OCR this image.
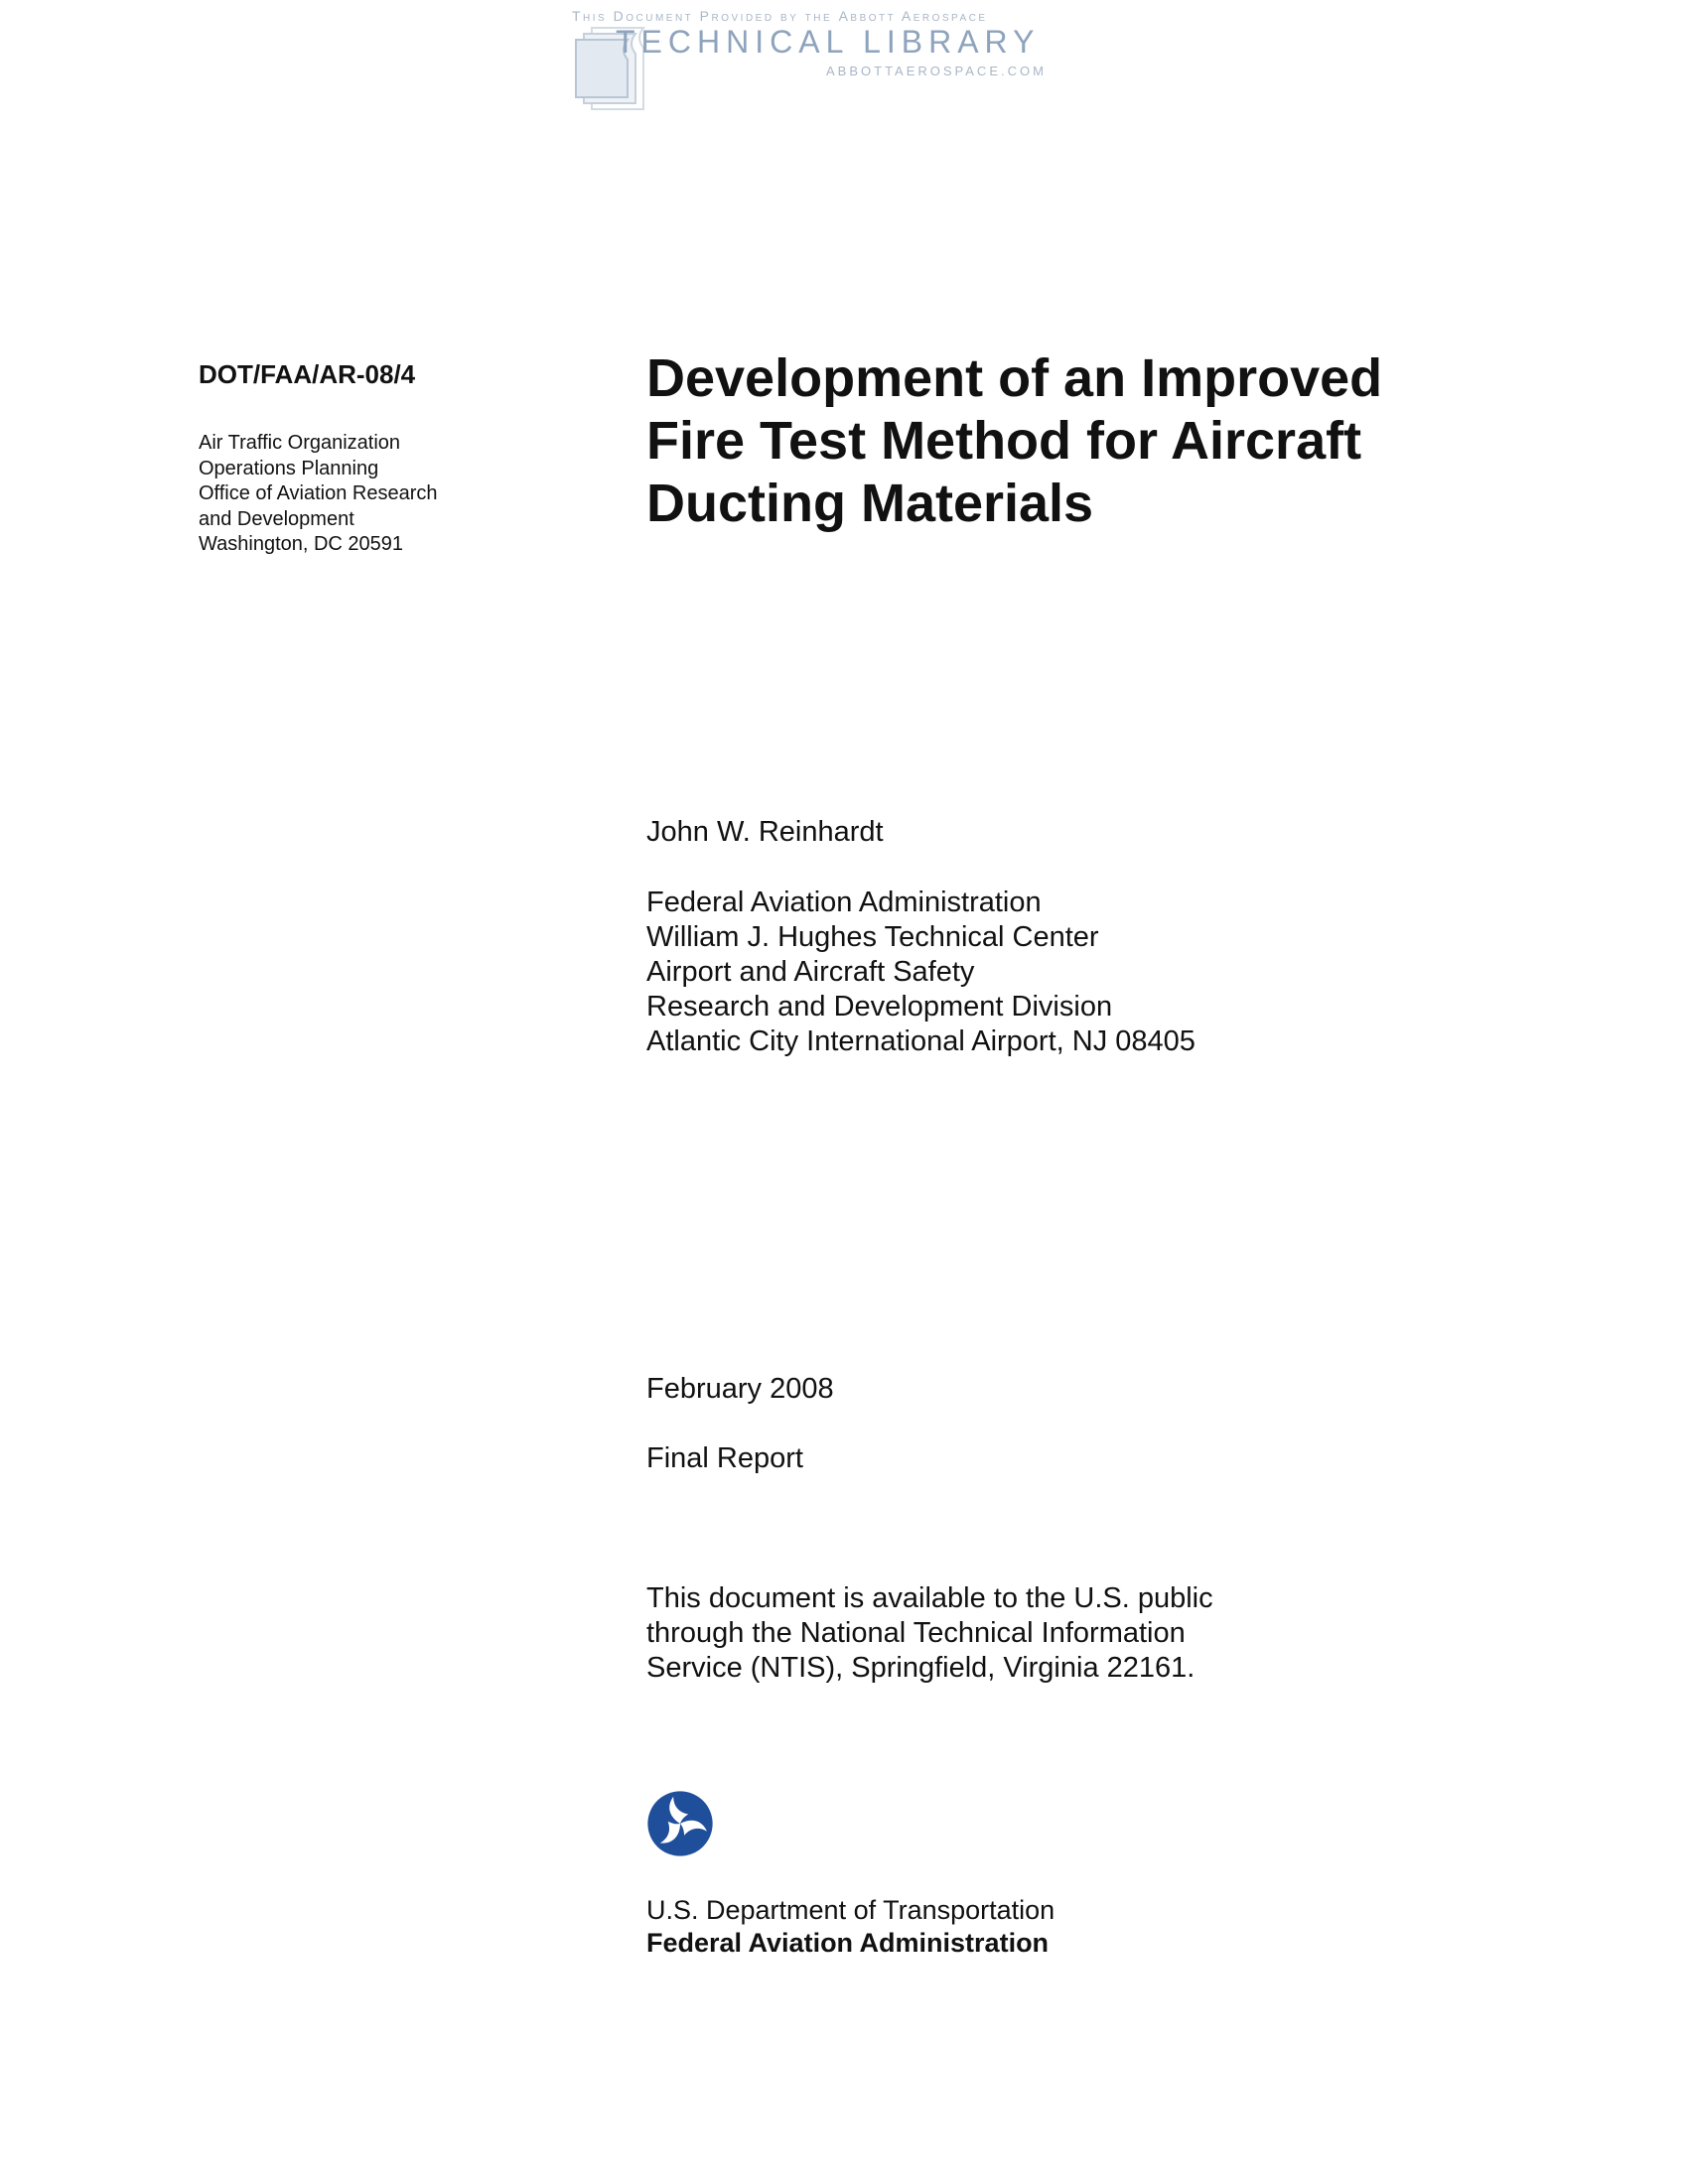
This Document Provided by the Abbott Aerospace
TECHNICAL LIBRARY
ABBOTTAEROSPACE.COM
DOT/FAA/AR-08/4
Air Traffic Organization
Operations Planning
Office of Aviation Research
and Development
Washington, DC 20591
Development of an Improved
Fire Test Method for Aircraft
Ducting Materials
John W. Reinhardt
Federal Aviation Administration
William J. Hughes Technical Center
Airport and Aircraft Safety
Research and Development Division
Atlantic City International Airport, NJ 08405
February 2008
Final Report
This document is available to the U.S. public
through the National Technical Information
Service (NTIS), Springfield, Virginia 22161.
U.S. Department of Transportation
Federal Aviation Administration
